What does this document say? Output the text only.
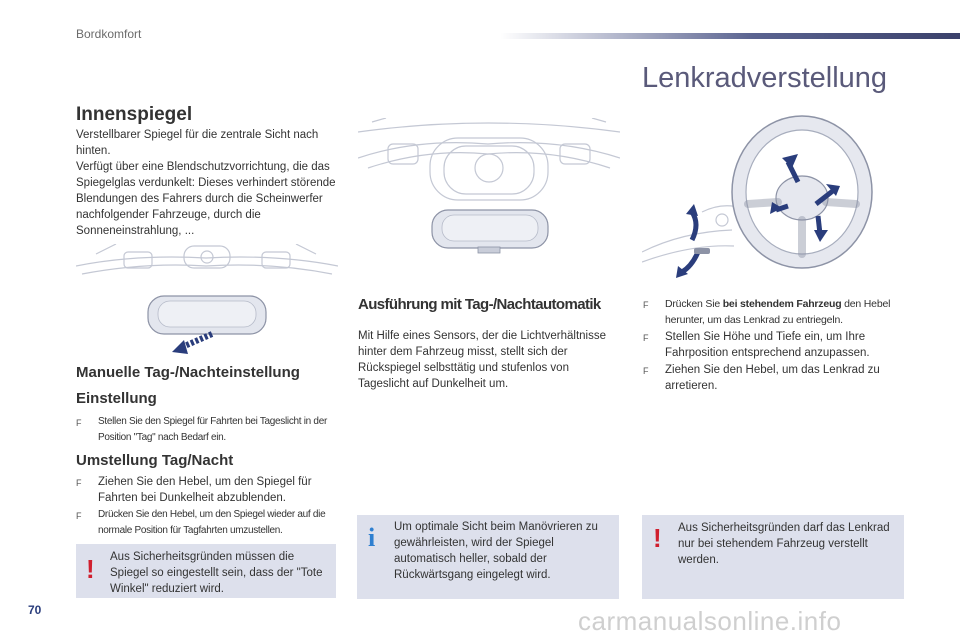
Bordkomfort
Lenkradverstellung
Innenspiegel

Verstellbarer Spiegel für die zentrale Sicht nach hinten.

Verfügt über eine Blendschutzvorrichtung, die das Spiegelglas verdunkelt: Dieses verhindert störende Blendungen des Fahrers durch die Scheinwerfer nachfolgender Fahrzeuge, durch die Sonneneinstrahlung, ...

Manuelle Tag-/Nachteinstellung
Einstellung
F	Stellen Sie den Spiegel für Fahrten bei Tageslicht in der Position "Tag" nach Bedarf ein.
Umstellung Tag/Nacht
F	Ziehen Sie den Hebel, um den Spiegel für Fahrten bei Dunkelheit abzublenden.
F	Drücken Sie den Hebel, um den Spiegel wieder auf die normale Position für Tagfahrten umzustellen.
! Aus Sicherheitsgründen müssen die Spiegel so eingestellt sein, dass der "Tote Winkel" reduziert wird.
Ausführung mit Tag-/Nachtautomatik
Mit Hilfe eines Sensors, der die Lichtverhältnisse hinter dem Fahrzeug misst, stellt sich der Rückspiegel selbsttätig und stufenlos von Tageslicht auf Dunkelheit um.
i Um optimale Sicht beim Manövrieren zu gewährleisten, wird der Spiegel automatisch heller, sobald der Rückwärtsgang eingelegt wird.
F	Drücken Sie bei stehendem Fahrzeug den Hebel herunter, um das Lenkrad zu entriegeln.
F	Stellen Sie Höhe und Tiefe ein, um Ihre Fahrposition entsprechend anzupassen.
F	Ziehen Sie den Hebel, um das Lenkrad zu arretieren.
! Aus Sicherheitsgründen darf das Lenkrad nur bei stehendem Fahrzeug verstellt werden.
70	carmanualsonline.info
